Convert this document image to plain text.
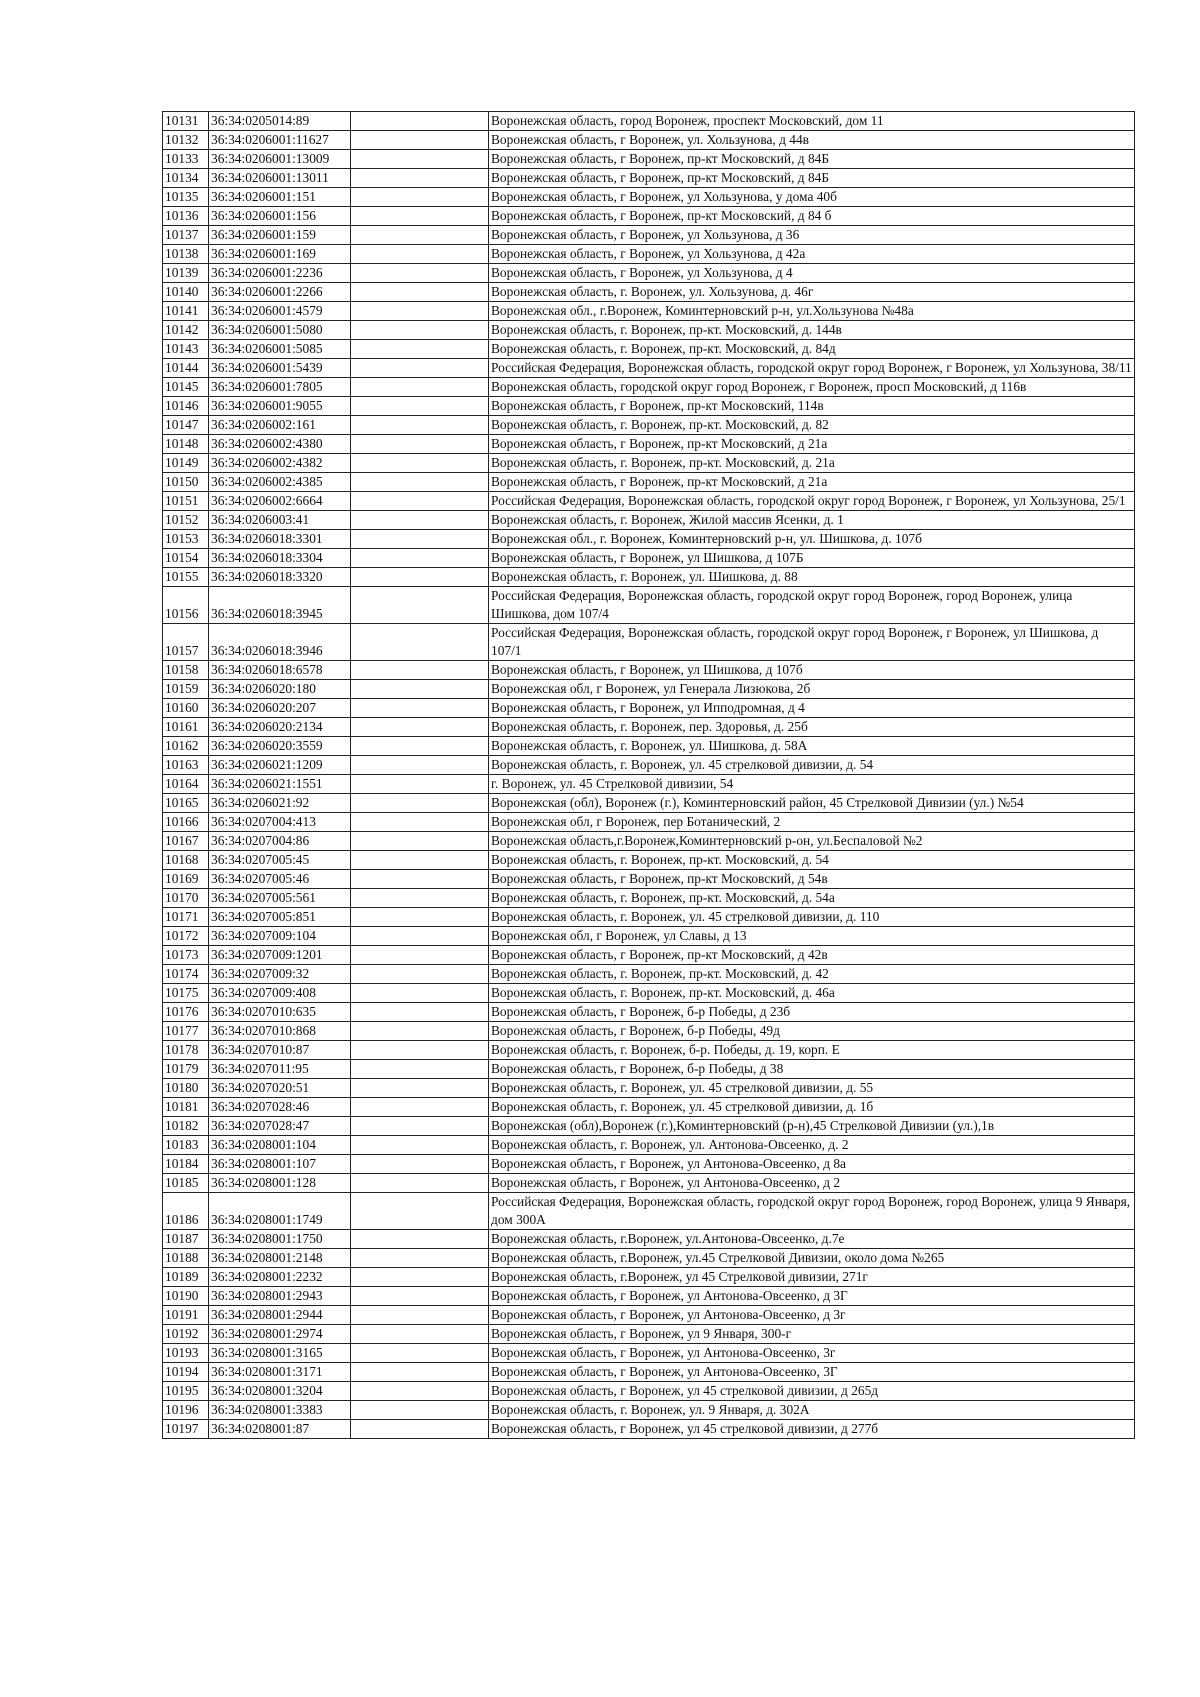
10131	36:34:0205014:89		Воронежская область, город Воронеж, проспект Московский, дом 11
10132	36:34:0206001:11627		Воронежская область, г Воронеж, ул. Хользунова, д 44в
10133	36:34:0206001:13009		Воронежская область, г Воронеж, пр-кт Московский, д 84Б
10134	36:34:0206001:13011		Воронежская область, г Воронеж, пр-кт Московский, д 84Б
10135	36:34:0206001:151		Воронежская область, г Воронеж, ул Хользунова, у дома 40б
10136	36:34:0206001:156		Воронежская область, г Воронеж, пр-кт Московский, д 84 б
10137	36:34:0206001:159		Воронежская область, г Воронеж, ул Хользунова, д 36
10138	36:34:0206001:169		Воронежская область, г Воронеж, ул Хользунова, д 42а
10139	36:34:0206001:2236		Воронежская область, г Воронеж, ул Хользунова, д 4
10140	36:34:0206001:2266		Воронежская область, г. Воронеж, ул. Хользунова, д. 46г
10141	36:34:0206001:4579		Воронежская обл., г.Воронеж, Коминтерновский р-н, ул.Хользунова №48а
10142	36:34:0206001:5080		Воронежская область, г. Воронеж, пр-кт. Московский, д. 144в
10143	36:34:0206001:5085		Воронежская область, г. Воронеж, пр-кт. Московский, д. 84д
10144	36:34:0206001:5439		Российская Федерация, Воронежская область, городской округ город Воронеж, г Воронеж, ул Хользунова, 38/11
10145	36:34:0206001:7805		Воронежская область, городской округ город Воронеж, г Воронеж, просп Московский, д 116в
10146	36:34:0206001:9055		Воронежская область, г Воронеж, пр-кт Московский, 114в
10147	36:34:0206002:161		Воронежская область, г. Воронеж, пр-кт. Московский, д. 82
10148	36:34:0206002:4380		Воронежская область, г Воронеж, пр-кт Московский, д 21а
10149	36:34:0206002:4382		Воронежская область, г. Воронеж, пр-кт. Московский, д. 21а
10150	36:34:0206002:4385		Воронежская область, г Воронеж, пр-кт Московский, д 21а
10151	36:34:0206002:6664		Российская Федерация, Воронежская область, городской округ город Воронеж, г Воронеж, ул Хользунова, 25/1
10152	36:34:0206003:41		Воронежская область, г. Воронеж, Жилой массив Ясенки, д. 1
10153	36:34:0206018:3301		Воронежская обл., г. Воронеж, Коминтерновский р-н, ул. Шишкова, д. 107б
10154	36:34:0206018:3304		Воронежская область, г Воронеж, ул Шишкова, д 107Б
10155	36:34:0206018:3320		Воронежская область, г. Воронеж, ул. Шишкова, д. 88
10156	36:34:0206018:3945		Российская Федерация, Воронежская область, городской округ город Воронеж, город Воронеж, улица Шишкова, дом 107/4
10157	36:34:0206018:3946		Российская Федерация, Воронежская область, городской округ город Воронеж, г Воронеж, ул Шишкова, д 107/1
10158	36:34:0206018:6578		Воронежская область, г Воронеж, ул Шишкова, д 107б
10159	36:34:0206020:180		Воронежская обл, г Воронеж, ул Генерала Лизюкова, 2б
10160	36:34:0206020:207		Воронежская область, г Воронеж, ул Ипподромная, д 4
10161	36:34:0206020:2134		Воронежская область, г. Воронеж, пер. Здоровья, д. 25б
10162	36:34:0206020:3559		Воронежская область, г. Воронеж, ул. Шишкова, д. 58А
10163	36:34:0206021:1209		Воронежская область, г. Воронеж, ул. 45 стрелковой дивизии, д. 54
10164	36:34:0206021:1551		г. Воронеж, ул. 45 Стрелковой дивизии, 54
10165	36:34:0206021:92		Воронежская (обл), Воронеж (г.), Коминтерновский район, 45 Стрелковой Дивизии (ул.) №54
10166	36:34:0207004:413		Воронежская обл, г Воронеж, пер Ботанический, 2
10167	36:34:0207004:86		Воронежская область,г.Воронеж,Коминтерновский р-он, ул.Беспаловой №2
10168	36:34:0207005:45		Воронежская область, г. Воронеж, пр-кт. Московский, д. 54
10169	36:34:0207005:46		Воронежская область, г Воронеж, пр-кт Московский, д 54в
10170	36:34:0207005:561		Воронежская область, г. Воронеж, пр-кт. Московский, д. 54а
10171	36:34:0207005:851		Воронежская область, г. Воронеж, ул. 45 стрелковой дивизии, д. 110
10172	36:34:0207009:104		Воронежская обл, г Воронеж, ул Славы, д 13
10173	36:34:0207009:1201		Воронежская область, г Воронеж, пр-кт Московский, д 42в
10174	36:34:0207009:32		Воронежская область, г. Воронеж, пр-кт. Московский, д. 42
10175	36:34:0207009:408		Воронежская область, г. Воронеж, пр-кт. Московский, д. 46а
10176	36:34:0207010:635		Воронежская область, г Воронеж, б-р Победы, д 23б
10177	36:34:0207010:868		Воронежская область, г Воронеж, б-р Победы, 49д
10178	36:34:0207010:87		Воронежская область, г. Воронеж, б-р. Победы, д. 19, корп. Е
10179	36:34:0207011:95		Воронежская область, г Воронеж, б-р Победы, д 38
10180	36:34:0207020:51		Воронежская область, г. Воронеж, ул. 45 стрелковой дивизии, д. 55
10181	36:34:0207028:46		Воронежская область, г. Воронеж, ул. 45 стрелковой дивизии, д. 1б
10182	36:34:0207028:47		Воронежская (обл),Воронеж (г.),Коминтерновский (р-н),45 Стрелковой Дивизии (ул.),1в
10183	36:34:0208001:104		Воронежская область, г. Воронеж, ул. Антонова-Овсеенко, д. 2
10184	36:34:0208001:107		Воронежская область, г Воронеж, ул Антонова-Овсеенко, д 8а
10185	36:34:0208001:128		Воронежская область, г Воронеж, ул Антонова-Овсеенко, д 2
10186	36:34:0208001:1749		Российская Федерация, Воронежская область, городской округ город Воронеж, город Воронеж, улица 9 Января, дом 300А
10187	36:34:0208001:1750		Воронежская область, г.Воронеж, ул.Антонова-Овсеенко, д.7е
10188	36:34:0208001:2148		Воронежская область, г.Воронеж, ул.45 Стрелковой Дивизии, около дома №265
10189	36:34:0208001:2232		Воронежская область, г.Воронеж, ул 45 Стрелковой дивизии, 271г
10190	36:34:0208001:2943		Воронежская область, г Воронеж, ул Антонова-Овсеенко, д 3Г
10191	36:34:0208001:2944		Воронежская область, г Воронеж, ул Антонова-Овсеенко, д 3г
10192	36:34:0208001:2974		Воронежская область, г Воронеж, ул 9 Января, 300-г
10193	36:34:0208001:3165		Воронежская область, г Воронеж, ул Антонова-Овсеенко, 3г
10194	36:34:0208001:3171		Воронежская область, г Воронеж, ул Антонова-Овсеенко, 3Г
10195	36:34:0208001:3204		Воронежская область, г Воронеж, ул 45 стрелковой дивизии, д 265д
10196	36:34:0208001:3383		Воронежская область, г. Воронеж, ул. 9 Января, д. 302А
10197	36:34:0208001:87		Воронежская область, г Воронеж, ул 45 стрелковой дивизии, д 277б
